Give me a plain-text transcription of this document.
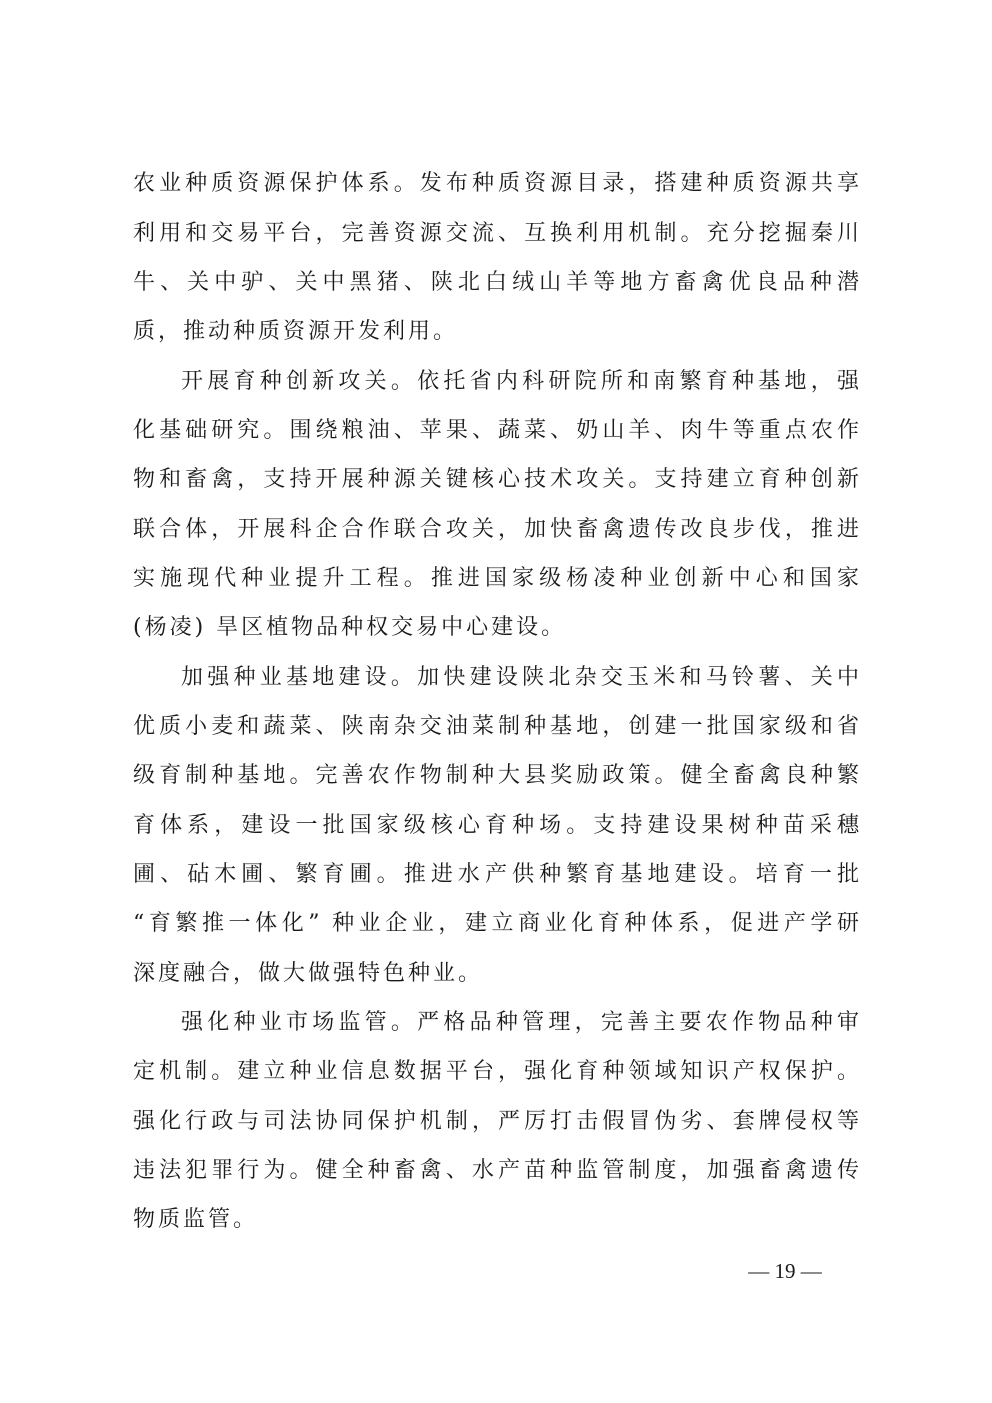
农业种质资源保护体系。发布种质资源目录，搭建种质资源共享
利用和交易平台，完善资源交流、互换利用机制。充分挖掘秦川
牛、关中驴、关中黑猪、陕北白绒山羊等地方畜禽优良品种潜
质，推动种质资源开发利用。
开展育种创新攻关。依托省内科研院所和南繁育种基地，强
化基础研究。围绕粮油、苹果、蔬菜、奶山羊、肉牛等重点农作
物和畜禽，支持开展种源关键核心技术攻关。支持建立育种创新
联合体，开展科企合作联合攻关，加快畜禽遗传改良步伐，推进
实施现代种业提升工程。推进国家级杨凌种业创新中心和国家
(杨凌) 旱区植物品种权交易中心建设。
加强种业基地建设。加快建设陕北杂交玉米和马铃薯、关中
优质小麦和蔬菜、陕南杂交油菜制种基地，创建一批国家级和省
级育制种基地。完善农作物制种大县奖励政策。健全畜禽良种繁
育体系，建设一批国家级核心育种场。支持建设果树种苗采穗
圃、砧木圃、繁育圃。推进水产供种繁育基地建设。培育一批
“育繁推一体化” 种业企业，建立商业化育种体系，促进产学研
深度融合，做大做强特色种业。
强化种业市场监管。严格品种管理，完善主要农作物品种审
定机制。建立种业信息数据平台，强化育种领域知识产权保护。
强化行政与司法协同保护机制，严厉打击假冒伪劣、套牌侵权等
违法犯罪行为。健全种畜禽、水产苗种监管制度，加强畜禽遗传
物质监管。
— 19 —
